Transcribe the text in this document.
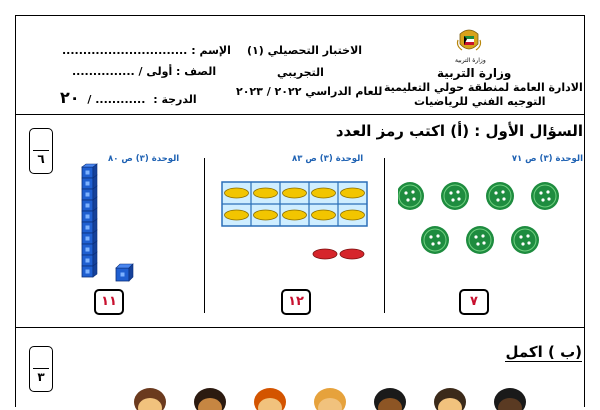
الإسم : ..............................
الصف : أولى / ...............
الدرجة : ............ / ٢٠
الاختبار التحصيلي (١)
التجريبي
للعام الدراسي ٢٠٢٢ / ٢٠٢٣
وزارة التربية
وزارة التربية
الادارة العامة لمنطقة حولي التعليمية
التوجيه الفني للرياضيات
٦
السؤال الأول : (أ) اكتب رمز العدد
الوحدة (٣) ص ٧١
٧
الوحدة (٣) ص ٨٣
١٢
الوحدة (٣) ص ٨٠
١١
٣
(ب ) اكمل
